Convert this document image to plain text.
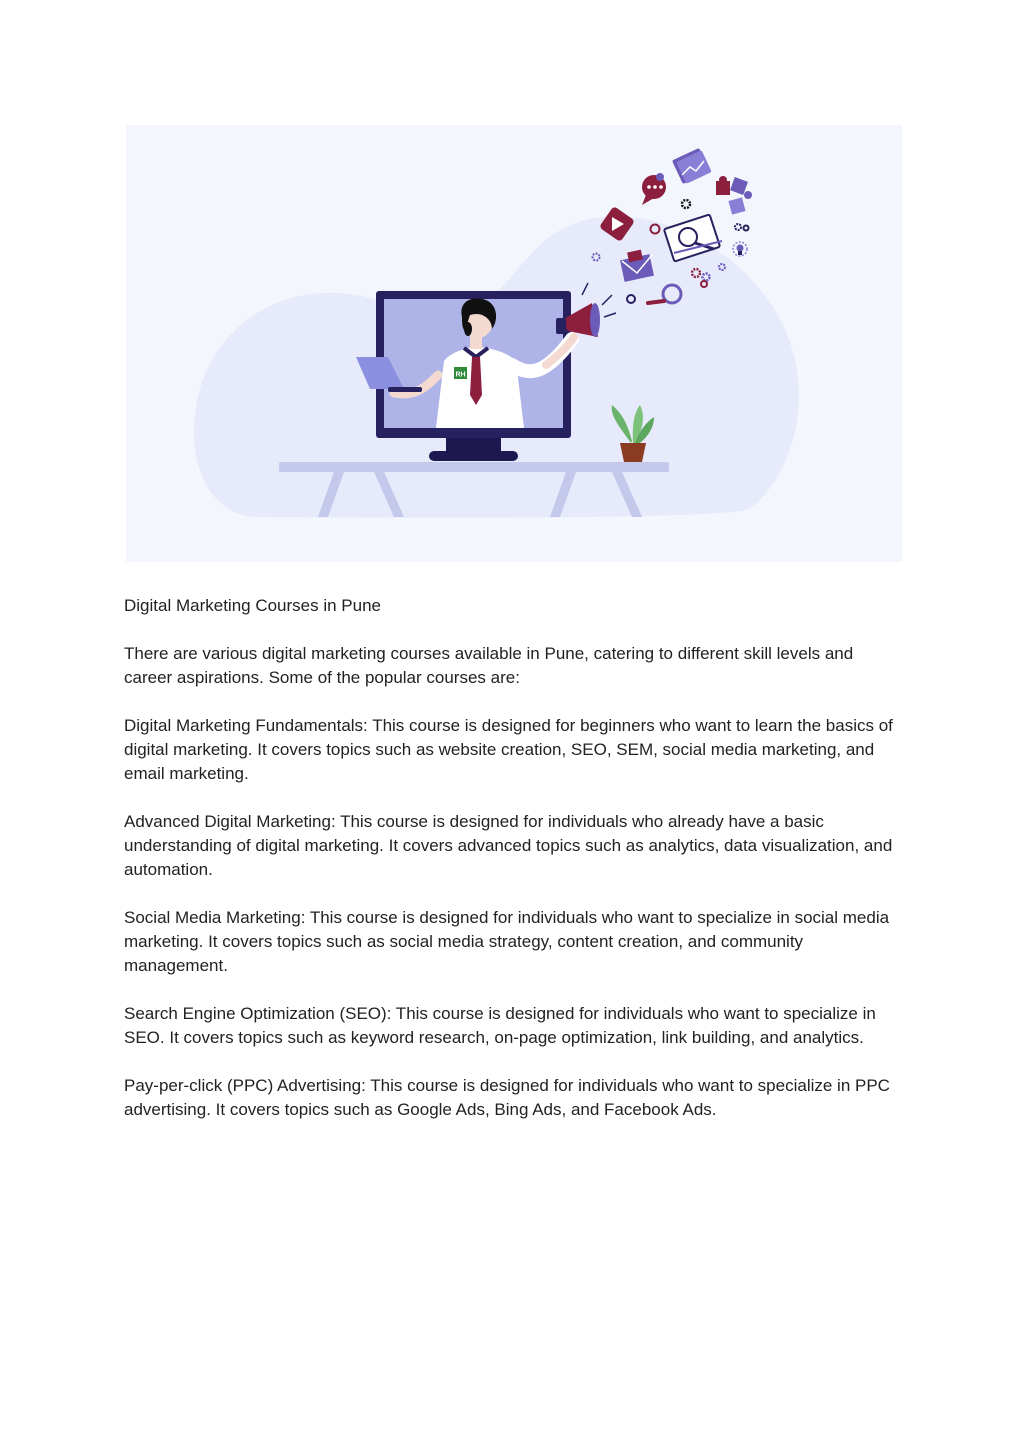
RH

Digital Marketing Courses in Pune

There are various digital marketing courses available in Pune, catering to different skill levels and career aspirations. Some of the popular courses are:

Digital Marketing Fundamentals: This course is designed for beginners who want to learn the basics of digital marketing. It covers topics such as website creation, SEO, SEM, social media marketing, and email marketing.

Advanced Digital Marketing: This course is designed for individuals who already have a basic understanding of digital marketing. It covers advanced topics such as analytics, data visualization, and automation.

Social Media Marketing: This course is designed for individuals who want to specialize in social media marketing. It covers topics such as social media strategy, content creation, and community management.

Search Engine Optimization (SEO): This course is designed for individuals who want to specialize in SEO. It covers topics such as keyword research, on-page optimization, link building, and analytics.

Pay-per-click (PPC) Advertising: This course is designed for individuals who want to specialize in PPC advertising. It covers topics such as Google Ads, Bing Ads, and Facebook Ads.
